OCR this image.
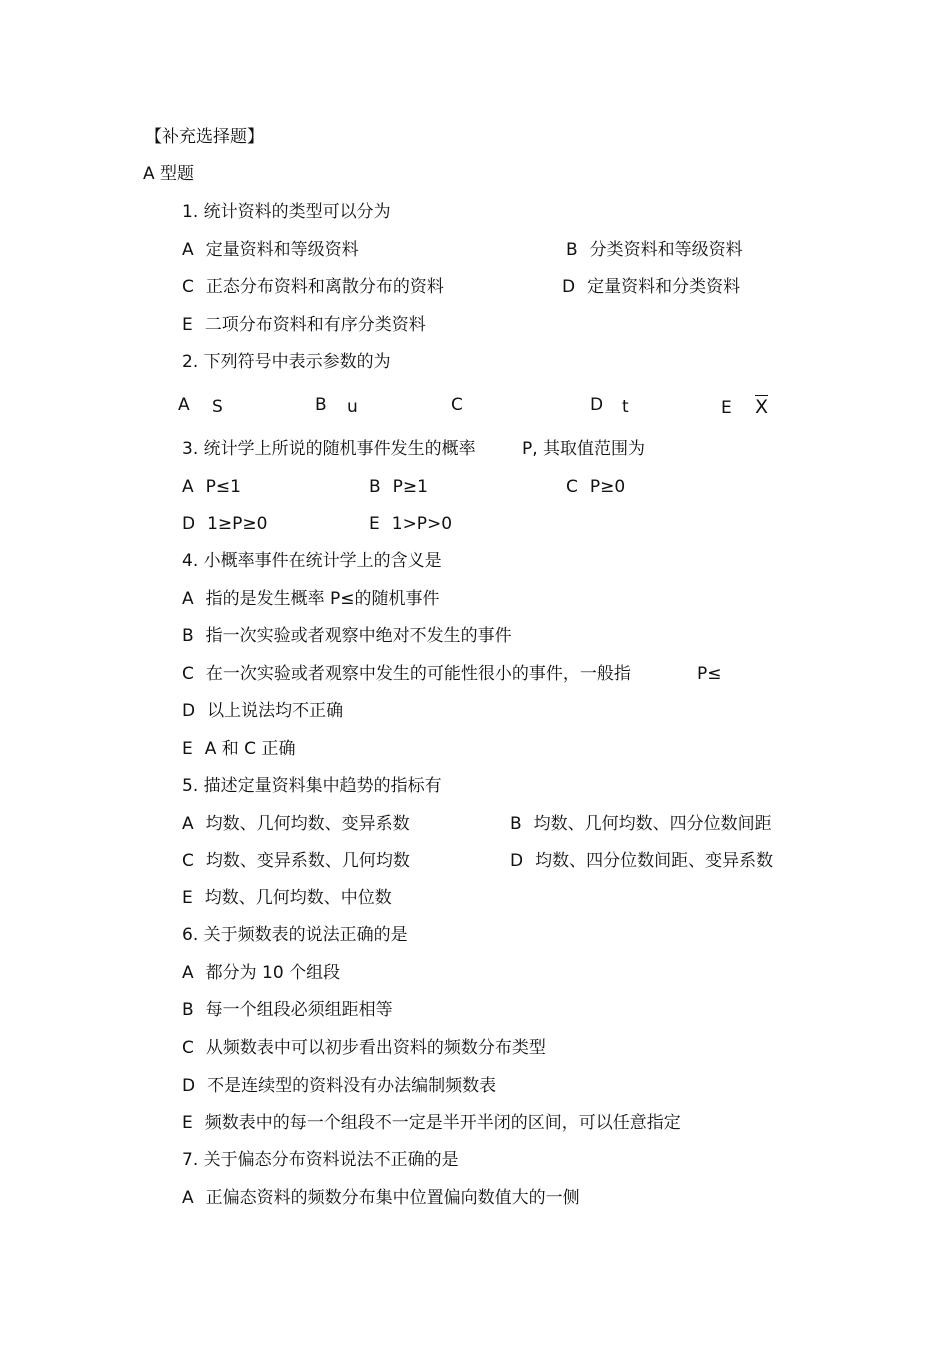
【补充选择题】
A 型题
1. 统计资料的类型可以分为
A 定量资料和等级资料	B 分类资料和等级资料
C 正态分布资料和离散分布的资料	D 定量资料和分类资料
E 二项分布资料和有序分类资料
2. 下列符号中表示参数的为
A S	B u	C	D t	E $\overline{X}$
3. 统计学上所说的随机事件发生的概率	P, 其取值范围为
A P≤1	B P≥1	C P≥0
D 1≥P≥0	E 1>P>0
4. 小概率事件在统计学上的含义是
A 指的是发生概率 P≤的随机事件
B 指一次实验或者观察中绝对不发生的事件
C 在一次实验或者观察中发生的可能性很小的事件，一般指	P≤
D 以上说法均不正确
E A 和 C 正确
5. 描述定量资料集中趋势的指标有
A 均数、几何均数、变异系数	B 均数、几何均数、四分位数间距
C 均数、变异系数、几何均数	D 均数、四分位数间距、变异系数
E 均数、几何均数、中位数
6. 关于频数表的说法正确的是
A 都分为 10 个组段
B 每一个组段必须组距相等
C 从频数表中可以初步看出资料的频数分布类型
D 不是连续型的资料没有办法编制频数表
E 频数表中的每一个组段不一定是半开半闭的区间，可以任意指定
7. 关于偏态分布资料说法不正确的是
A 正偏态资料的频数分布集中位置偏向数值大的一侧
